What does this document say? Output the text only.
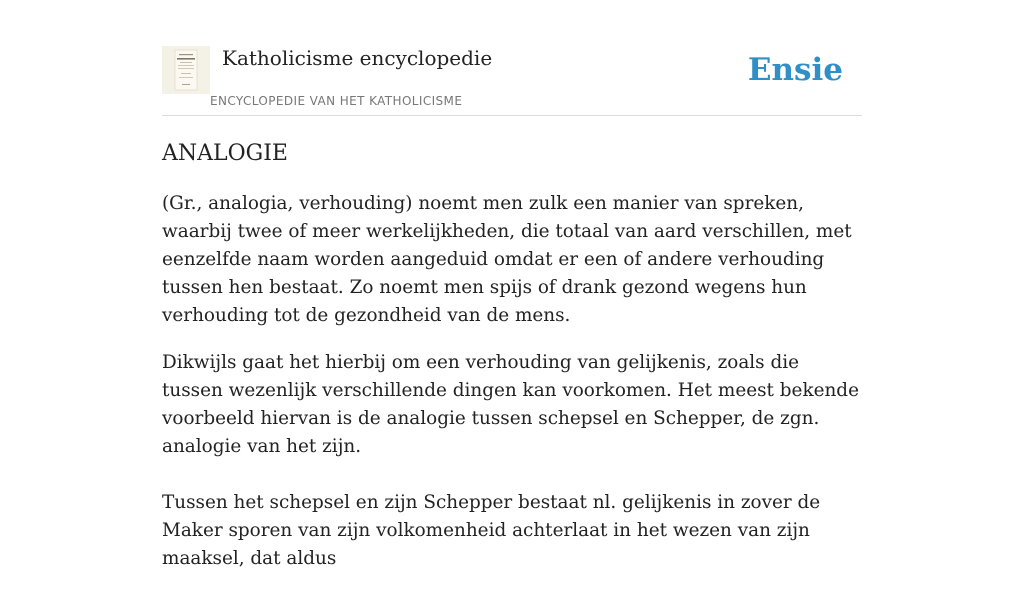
Katholicisme encyclopedie
ENCYCLOPEDIE VAN HET KATHOLICISME
Ensie
ANALOGIE

(Gr., analogia, verhouding) noemt men zulk een manier van spreken, waarbij twee of meer werkelijkheden, die totaal van aard verschillen, met eenzelfde naam worden aangeduid omdat er een of andere verhouding tussen hen bestaat. Zo noemt men spijs of drank gezond wegens hun verhouding tot de gezondheid van de mens.

Dikwijls gaat het hierbij om een verhouding van gelijkenis, zoals die tussen wezenlijk verschillende dingen kan voorkomen. Het meest bekende voorbeeld hiervan is de analogie tussen schepsel en Schepper, de zgn. analogie van het zijn.

Tussen het schepsel en zijn Schepper bestaat nl. gelijkenis in zover de Maker sporen van zijn volkomenheid achterlaat in het wezen van zijn maaksel, dat aldus
